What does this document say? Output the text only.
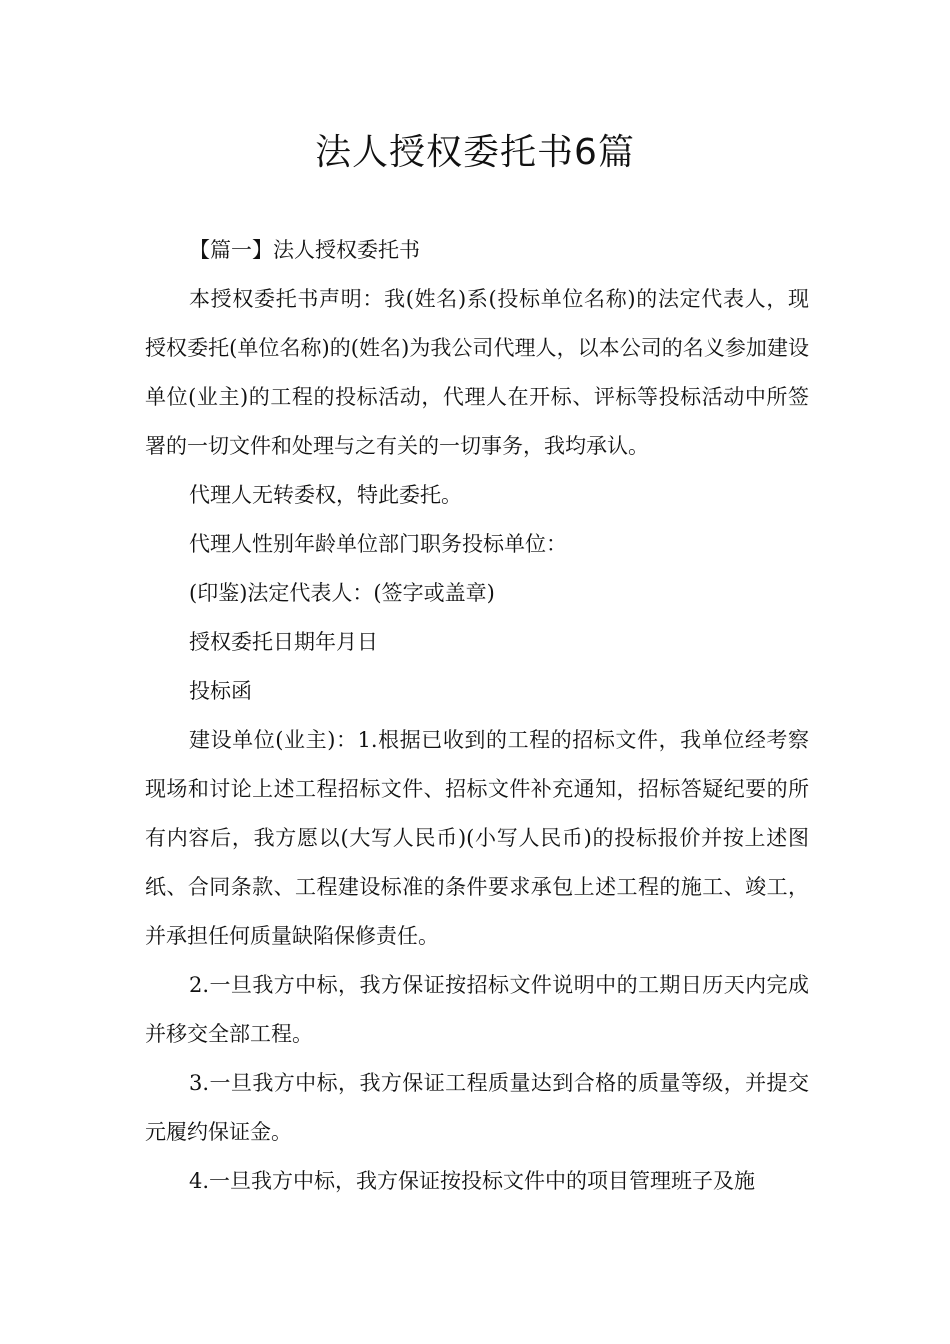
法人授权委托书6篇

【篇一】法人授权委托书

本授权委托书声明：我(姓名)系(投标单位名称)的法定代表人，现授权委托(单位名称)的(姓名)为我公司代理人，以本公司的名义参加建设单位(业主)的工程的投标活动，代理人在开标、评标等投标活动中所签署的一切文件和处理与之有关的一切事务，我均承认。

代理人无转委权，特此委托。

代理人性别年龄单位部门职务投标单位：

(印鉴)法定代表人：(签字或盖章)

授权委托日期年月日

投标函

建设单位(业主)：1.根据已收到的工程的招标文件，我单位经考察现场和讨论上述工程招标文件、招标文件补充通知，招标答疑纪要的所有内容后，我方愿以(大写人民币)(小写人民币)的投标报价并按上述图纸、合同条款、工程建设标准的条件要求承包上述工程的施工、竣工，并承担任何质量缺陷保修责任。

2.一旦我方中标，我方保证按招标文件说明中的工期日历天内完成并移交全部工程。

3.一旦我方中标，我方保证工程质量达到合格的质量等级，并提交元履约保证金。

4.一旦我方中标，我方保证按投标文件中的项目管理班子及施
